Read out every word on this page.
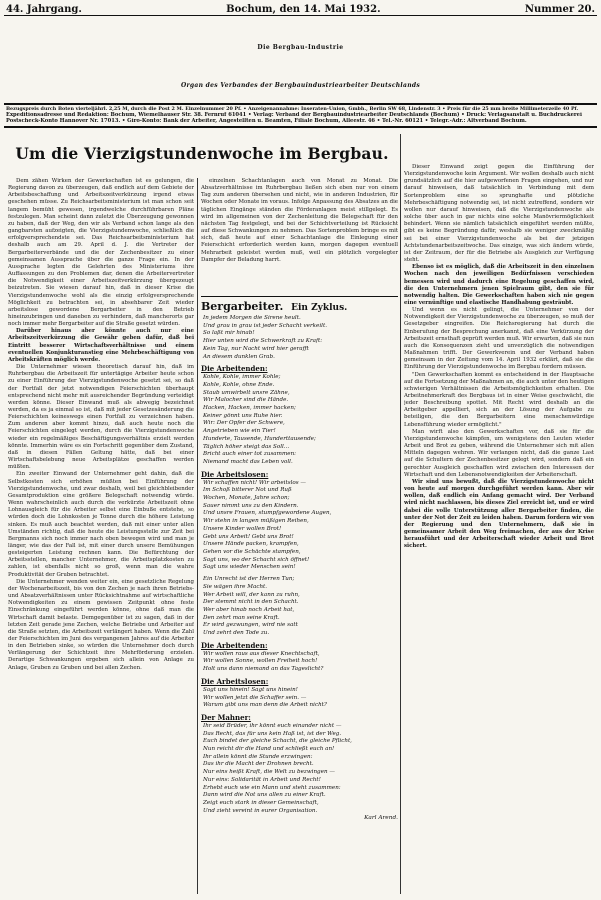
44. Jahrgang.	Bochum, den 14. Mai 1932.	Nummer 20.
Die Bergbau-Industrie
Organ des Verbandes der Bergbauindustriearbeiter Deutschlands
Bezugspreis durch Boten vierteljährl. 2,25 M, durch die Post 2 M. Einzelnummer 20 Pf. • Anzeigenannahme: Inseraten-Union, Gmbh., Berlin SW 68, Lindenstr. 3 • Preis für die 25 mm breite Millimeterzeile 40 Pf.
Expeditionsadresse und Redaktion: Bochum, Wiemelhauser Str. 38. Fernruf 61041 • Verlag: Verband der Bergbauindustriearbeiter Deutschlands (Bochum) • Druck: Verlagsanstalt u. Buchdruckerei
Postscheck-Konto Hannover Nr. 17013. • Giro-Konto: Bank der Arbeiter, Angestellten u. Beamten, Filiale Bochum, Alleestr. 46 • Tel.-Nr. 60121 • Telegr.-Adr.: Altverband Bochum.
Um die Vierzigstundenwoche im Bergbau.

Dem zähen Wirken der Gewerkschaften ist es gelungen, die Regierung davon zu überzeugen, daß endlich auf dem Gebiete der Arbeitsbeschaffung und Arbeitszeitverkürzung irgend etwas geschehen müsse. Zu Reichsarbeitsministerium ist man schon seit langem bemüht gewesen, irgendwelche durchführbaren Pläne festzulegen. Man scheint dann zuletzt die Überzeugung gewonnen zu haben, daß der Weg, den wir als Verband schon lange als den gangbarsten aufzeigten, die Vierzigstundenwoche, schließlich die erfolgversprechendste sei. Das Reichsarbeitsministerium hat deshalb auch am 29. April d. J. die Vertreter der Bergarbeiterverbände und die der Zechenbesitzer zu einer gemeinsamen Aussprache über die ganze Frage ein. In der Aussprache legten die Gelehrten des Ministeriums ihre Auffassungen zu den Problemen dar, denen die Arbeitervertreter die Notwendigkeit einer Arbeitszeitverkürzung übergezeugt beizutreten. Sie wiesen darauf hin, daß in dieser Krise die Vierzigstundenwoche wohl als die einzig erfolgversprechende Möglichkeit zu betrachten sei, in absehbarer Zeit wieder arbeitslose gewordene Bergarbeiter in den Betrieb hineinzubringen und daneben zu verhindern, daß mancherorts gar noch immer mehr Bergarbeiter auf die Straße gesetzt würden.

Darüber hinaus aber könnte auch nur eine Arbeitszeitverkürzung die Gewähr geben dafür, daß bei Eintritt besserer Wirtschaftsverhältnisse und einem eventuellen Konjunkturanstieg eine Mehrbeschäftigung von Arbeitskräften möglich werde.

Die Unternehmer wiesen theoretisch darauf hin, daß im Ruhrbergbau die Arbeitszeit für untertägige Arbeiter heute schon zu einer Einführung der Vierzigstundenwoche gesetzt sei, so daß der Fortfall der jetzt notwendigen Feierschichten überhaupt entsprechend nicht mehr mit ausreichender Begründung verteidigt werden könne. Dieser Einwand muß als abwegig bezeichnet werden, da es ja einmal so ist, daß mit jeder Gesetzesänderung die Feierschichten keineswegs einen Fortfall zu verzeichnen haben. Zum anderen aber kommt hinzu, daß auch heute noch die Feierschichten eingelegt werden, durch die Vierzigstundenwoche wieder ein regelmäßiges Beschäftigungsverhältnis erzielt werden könnte. Immerhin wäre es ein Fortschritt gegenüber dem Zustand, daß in diesen Fällen Geltung hätte, daß bei einer Wirtschaftsbelebung neue Arbeitsplätze geschaffen werden müßten.

Ein zweiter Einwand der Unternehmer geht dahin, daß die Selbstkosten sich erhöhen müßten bei Einführung der Vierzigstundenwoche, und zwar deshalb, weil bei gleichbleibender Gesamtproduktion eine größere Belegschaft notwendig würde. Wenn wahrscheinlich auch durch die verkürzte Arbeitszeit ohne Lohnausgleich für die Arbeiter selbst eine Einbuße entstehe, so würden doch die Lohnkosten je Tonne durch die höhere Leistung sinken. Es muß auch beachtet werden, daß mit einer unter allen Umständen richtig, daß die heute die Leistungsstelle zur Zeit bei Bergmanns sich noch immer nach oben bewegen wird und man je länger, wie das der Fall ist, mit einer durch unsere Bemühungen gesteigerten Leistung rechnen kann. Die Befürchtung der Arbeitsstellen, mancher Unternehmer, die Arbeitsplatzkosten zu zahlen, ist ebenfalls nicht so groß, wenn man die wahre Produktivität der Gruben betrachtet.

Die Unternehmer wenden weiter ein, eine gesetzliche Regelung der Wochenarbeitszeit, bis von den Zechen je nach ihren Betriebs- und Absatzverhältnissen unter Rücksichtnahme auf wirtschaftliche Notwendigkeiten zu einem gewissen Zeitpunkt ohne feste Einschränkung eingeführt werden könne, ohne daß man die Wirtschaft damit belaste. Demgegenüber ist zu sagen, daß in der letzten Zeit gerade jene Zechen, welche Betriebe und Arbeiter auf die Straße setzten, die Arbeitszeit verlängert haben. Wenn die Zahl der Feierschichten im Juni des vergangenen Jahres auf die Arbeiter in den Betrieben sinke, so würden die Unternehmer doch durch Verlängerung der Schichtzeit ihre Mehrförderung erzielen. Derartige Schwankungen ergeben sich allein von Anlage zu Anlage, Gruben zu Gruben und bei allen Zechen.

einzelnen Schachtanlagen auch von Monat zu Monat. Die Absatzverhältnisse im Ruhrbergbau ließen sich eben nur von einem Tag zum anderen übersehen und nicht, wie in anderen Industrien, für Wochen oder Monate im voraus. Infolge Anpassung des Absatzes an die täglichen Eingänge ständen die Förderanlagen meist stillgelegt. Es wird im allgemeinen von der Zechenleitung die Belegschaft für den nächsten Tag festgelegt, und bei der Schichtverteilung ist Rücksicht auf diese Schwankungen zu nehmen. Das Sortenproblem bringe es mit sich, daß heute auf einer Schachtanlage die Einlegung einer Feierschicht erforderlich werden kann, morgen dagegen eventuell Mehrarbeit geleistet werden muß, weil ein plötzlich vorgelegter Dampfer der Beladung harrt.

Dieser Einwand zeigt gegen die Einführung der Vierzigstundenwoche kein Argument. Wir wollen deshalb auch nicht grundsätzlich auf die hier aufgeworfenen Fragen eingehen, und nur darauf hinweisen, daß tatsächlich in Verbindung mit dem Sortenproblem eine so sprunghafte und plötzliche Mehrbeschäftigung notwendig sei, ist nicht zutreffend, sondern wir wollen nur darauf hinweisen, daß die Vierzigstundenwoche als solche über auch in gar nichts eine solche Manövriermöglichkeit behindert. Wenn sie nämlich tatsächlich eingeführt werden müßte, gibt es keine Begründung dafür, weshalb sie weniger zweckmäßig sei bei einer Vierzigstundenwoche als bei der jetzigen Achtstundenarbeitszeitwoche. Das einzige, was sich ändern würde, ist der Zeitraum, der für die Betriebe als Ausgleich zur Verfügung steht.

Ebenso ist es möglich, daß die Arbeitszeit in den einzelnen Wochen nach den jeweiligen Bedürfnissen verschieden bemessen wird und dadurch eine Regelung geschaffen wird, die den Unternehmern jenen Spielraum gibt, den sie für notwendig halten. Die Gewerkschaften haben sich nie gegen eine vernünftige und elastische Handhabung gesträubt.

Und wenn es nicht gelingt, die Unternehmer von der Notwendigkeit der Vierzigstundenwoche zu überzeugen, so muß der Gesetzgeber eingreifen. Die Reichsregierung hat durch die Einberufung der Besprechung anerkannt, daß eine Verkürzung der Arbeitszeit ernsthaft geprüft werden muß. Wir erwarten, daß sie nun auch die Konsequenzen zieht und unverzüglich die notwendigen Maßnahmen trifft. Der Gewerkverein und der Verband haben gemeinsam in der Zeitung vom 14. April 1932 erklärt, daß sie die Einführung der Vierzigstundenwoche im Bergbau fordern müssen.

"Den Gewerkschaften kommt es entscheidend in der Hauptsache auf die Fortsetzung der Maßnahmen an, die auch unter den heutigen schwierigen Verhältnissen die Arbeitsmöglichkeiten erhalten. Die Arbeitnehmerkraft des Bergbaus ist in einer Weise geschwächt, die jeder Beschreibung spottet. Mit Recht wird deshalb an die Arbeitgeber appelliert, sich an der Lösung der Aufgabe zu beteiligen, die den Bergarbeitern eine menschenwürdige Lebensführung wieder ermöglicht."

Man wirft also den Gewerkschaften vor, daß sie für die Vierzigstundenwoche kämpfen, um wenigstens den Leuten wieder Arbeit und Brot zu geben, während die Unternehmer sich mit allen Mitteln dagegen wehren. Wir verlangen nicht, daß die ganze Last auf die Schultern der Zechenbesitzer gelegt wird, sondern daß ein gerechter Ausgleich geschaffen wird zwischen den Interessen der Wirtschaft und den Lebensnotwendigkeiten der Arbeiterschaft.

Wir sind uns bewußt, daß die Vierzigstundenwoche nicht von heute auf morgen durchgeführt werden kann. Aber wir wollen, daß endlich ein Anfang gemacht wird. Der Verband wird nicht nachlassen, bis dieses Ziel erreicht ist, und er wird dabei die volle Unterstützung aller Bergarbeiter finden, die unter der Not der Zeit zu leiden haben. Darum fordern wir von der Regierung und den Unternehmern, daß sie in gemeinsamer Arbeit den Weg freimachen, der aus der Krise herausführt und der Arbeiterschaft wieder Arbeit und Brot sichert.

Bergarbeiter. Ein Zyklus.
In jedem Morgen die Sirene heult.
Und grau in grau ist jeder Schacht verkeilt.
So laßt mir hinab!
Hier unten wird die Schwerkraft zu Kraft:
Kein Tag, nur Nacht wird hier gerafft
An diesem dunklen Grab.
Die Arbeitenden:
Kohle, Kohle, immer Kohle;
Kohle, Kohle, ohne Ende.
Staub umwirbelt unsre Zähne,
Wir Malocher sind die Hände.
Hacken, Hacken, immer hacken;
Keiner gönnt uns Ruhe hier.
Wir: Der Opfer der Schwere,
Angetrieben wie ein Tier!
Hunderte, Tausende, Hunderttausende;
Täglich höher steigt das Soll...
Bricht auch einer tot zusammen:
Niemand macht das Leben voll.
Die Arbeitslosen:
Wir schaffen nicht! Wir arbeitslos —
Im Schoß bitterer Not und Ruß
Wochen, Monate, Jahre schon;
Sauer nimmt uns zu den Kindern.
Und unsre Frauen, stumpfgewordene Augen,
Wir stehn in langen müßigen Reihen,
Unsere Kinder wollen Brot!
Gebt uns Arbeit! Gebt uns Brot!
Unsere Hände packen, krampfen,
Gehen vor die Schächte stampfen,
Sagt uns, wo der Schacht sich öffnet!
Sagt uns wieder Menschen sein!
Ein Unrecht ist der Herren Tun;
Sie wägen ihre Macht.
Wer Arbeit will, der kann zu ruhn,
Der stemmt nicht in den Schacht.
Wer aber hinab noch Arbeit hat,
Den zehrt man seine Kraft.
Er wird gezwungen, wird nie satt
Und zehrt den Tode zu.
Die Arbeitenden:
Wir wollen raus aus dieser Knechtschaft,
Wir wollen Sonne, wollen Freiheit hoch!
Holt uns dann niemand an das Tageslicht?
Die Arbeitslosen:
Sagt uns hinein! Sagt uns hinein!
Wir wollen jetzt die Schaffer sein. —
Warum gibt uns man denn die Arbeit nicht?
Der Mahner:
Ihr seid Brüder, ihr könnt euch einander nicht —
Das Recht, das für uns kein Haß ist, ist der Weg.
Euch bindet der gleiche Schacht, die gleiche Pflicht,
Nun reicht dir die Hand und schließt euch an!
Ihr allein könnt die Stunde erzwingen:
Das ihr die Macht der Drohnen brecht.
Nur eins heißt Kraft, die Welt zu bezwingen —
Nur eins: Solidarität in Arbeit und Recht!
Erhebt euch wie ein Mann und steht zusammen:
Dann wird die Not uns allen zu einer Kraft.
Zeigt euch stark in dieser Gemeinschaft,
Und zieht vereint in eurer Organisation.
Karl Arend.
